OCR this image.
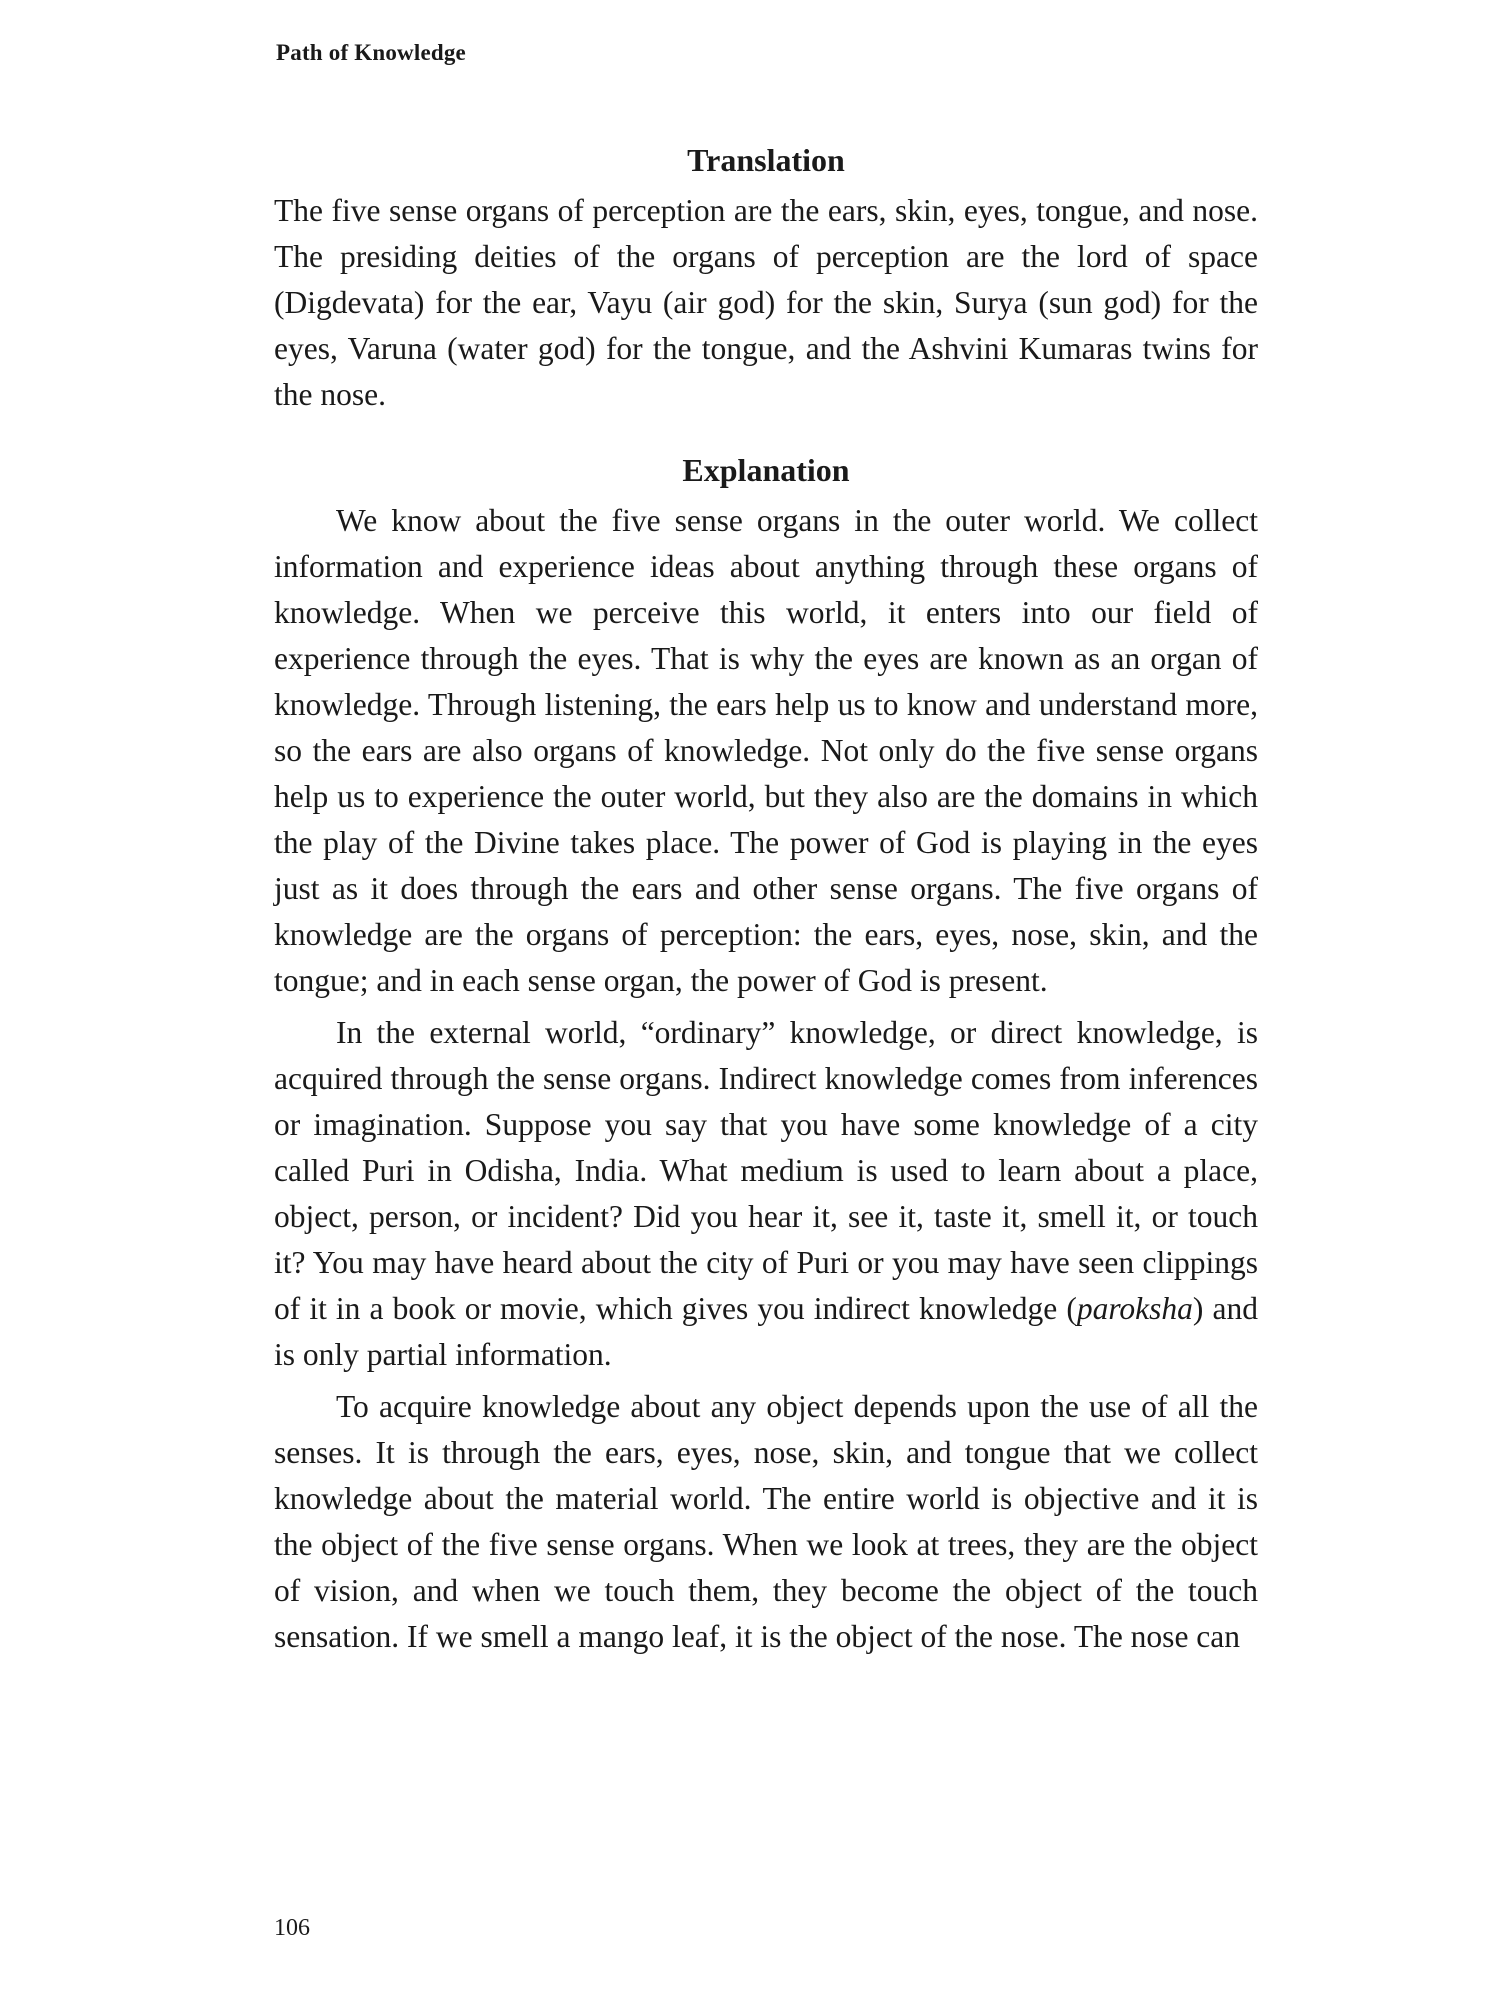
Path of Knowledge
Translation

The five sense organs of perception are the ears, skin, eyes, tongue, and nose. The presiding deities of the organs of perception are the lord of space (Digdevata) for the ear, Vayu (air god) for the skin, Surya (sun god) for the eyes, Varuna (water god) for the tongue, and the Ashvini Kumaras twins for the nose.

Explanation

We know about the five sense organs in the outer world. We collect information and experience ideas about anything through these organs of knowledge. When we perceive this world, it enters into our field of experience through the eyes. That is why the eyes are known as an organ of knowledge. Through listening, the ears help us to know and understand more, so the ears are also organs of knowledge. Not only do the five sense organs help us to experience the outer world, but they also are the domains in which the play of the Divine takes place. The power of God is playing in the eyes just as it does through the ears and other sense organs. The five organs of knowledge are the organs of perception: the ears, eyes, nose, skin, and the tongue; and in each sense organ, the power of God is present.

In the external world, “ordinary” knowledge, or direct knowledge, is acquired through the sense organs. Indirect knowledge comes from inferences or imagination. Suppose you say that you have some knowledge of a city called Puri in Odisha, India. What medium is used to learn about a place, object, person, or incident? Did you hear it, see it, taste it, smell it, or touch it? You may have heard about the city of Puri or you may have seen clippings of it in a book or movie, which gives you indirect knowledge (paroksha) and is only partial information.

To acquire knowledge about any object depends upon the use of all the senses. It is through the ears, eyes, nose, skin, and tongue that we collect knowledge about the material world. The entire world is objective and it is the object of the five sense organs. When we look at trees, they are the object of vision, and when we touch them, they become the object of the touch sensation. If we smell a mango leaf, it is the object of the nose. The nose can

106
